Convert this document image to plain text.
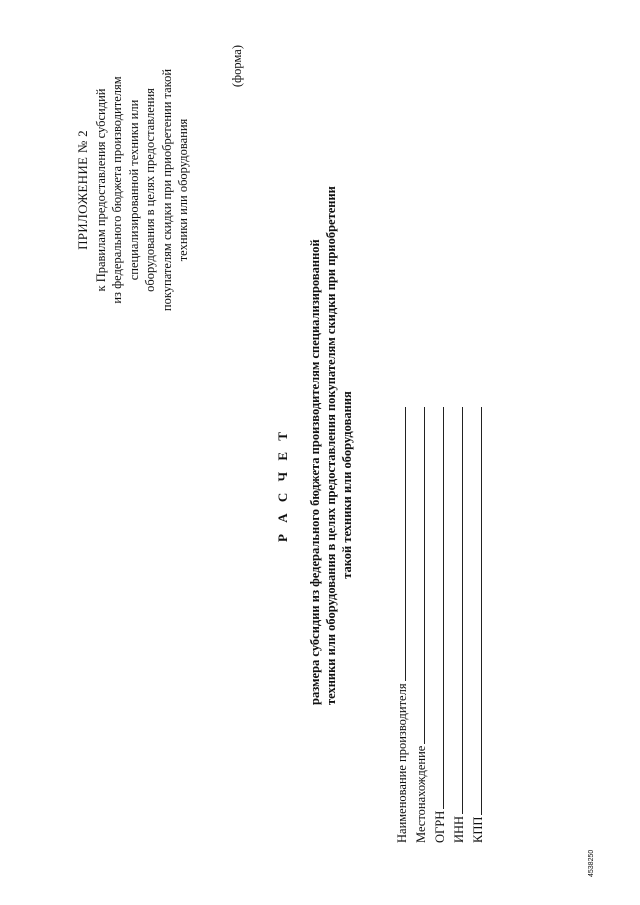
ПРИЛОЖЕНИЕ № 2 к Правилам предоставления субсидий из федерального бюджета производителям специализированной техники или оборудования в целях предоставления покупателям скидки при приобретении такой техники или оборудования
(форма)
Р А С Ч Е Т размера субсидии из федерального бюджета производителям специализированной техники или оборудования в целях предоставления покупателям скидки при приобретении такой техники или оборудования
Наименование производителя Местонахождение ОГРН ИНН КПП
4538250
